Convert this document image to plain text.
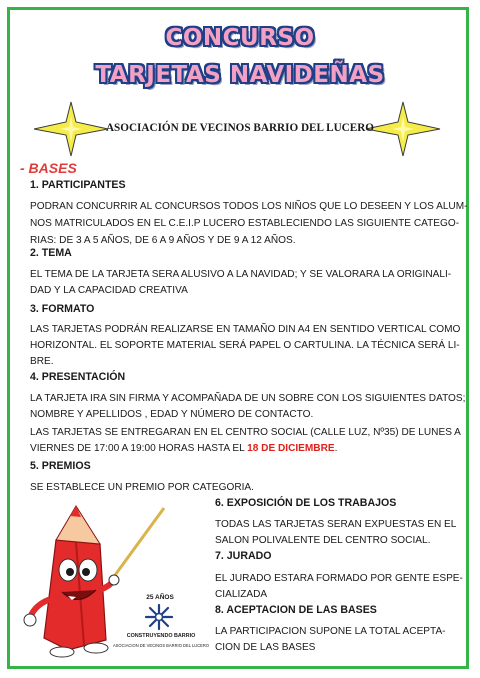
CONCURSO
TARJETAS NAVIDEÑAS
ASOCIACIÓN DE VECINOS BARRIO DEL LUCERO
- BASES
1. PARTICIPANTES
PODRAN CONCURRIR AL CONCURSOS TODOS LOS NIÑOS QUE LO DESEEN Y LOS ALUM-
NOS MATRICULADOS EN EL C.E.I.P LUCERO ESTABLECIENDO LAS SIGUIENTE CATEGO-
RIAS: DE 3 A 5 AÑOS, DE 6 A 9 AÑOS Y DE 9 A 12 AÑOS.
2. TEMA
EL TEMA DE LA TARJETA SERA ALUSIVO A LA NAVIDAD; Y SE VALORARA LA ORIGINALI-
DAD Y LA CAPACIDAD CREATIVA
3. FORMATO
LAS TARJETAS PODRÁN REALIZARSE EN TAMAÑO DIN A4 EN SENTIDO VERTICAL COMO
HORIZONTAL. EL SOPORTE MATERIAL SERÁ PAPEL O CARTULINA. LA TÉCNICA SERÁ LI-
BRE.
4. PRESENTACIÓN
LA TARJETA IRA SIN FIRMA Y ACOMPAÑADA DE UN SOBRE CON LOS SIGUIENTES DATOS;
NOMBRE Y APELLIDOS , EDAD Y NÚMERO DE CONTACTO.
LAS TARJETAS SE ENTREGARAN EN EL CENTRO SOCIAL (CALLE LUZ, Nº35) DE LUNES A
VIERNES DE 17:00 A 19:00 HORAS HASTA EL 18 DE DICIEMBRE.
5. PREMIOS
SE ESTABLECE UN PREMIO POR CATEGORIA.
6. EXPOSICIÓN DE LOS TRABAJOS
TODAS LAS TARJETAS SERAN EXPUESTAS EN EL
SALON POLIVALENTE DEL CENTRO SOCIAL.
7. JURADO
EL JURADO ESTARA FORMADO POR GENTE ESPE-
CIALIZADA
8. ACEPTACION DE LAS BASES
LA PARTICIPACION SUPONE LA TOTAL ACEPTA-
CION DE LAS BASES
25 AÑOS
CONSTRUYENDO BARRIO
ASOCIACION DE VECINOS BARRIO DEL LUCERO
